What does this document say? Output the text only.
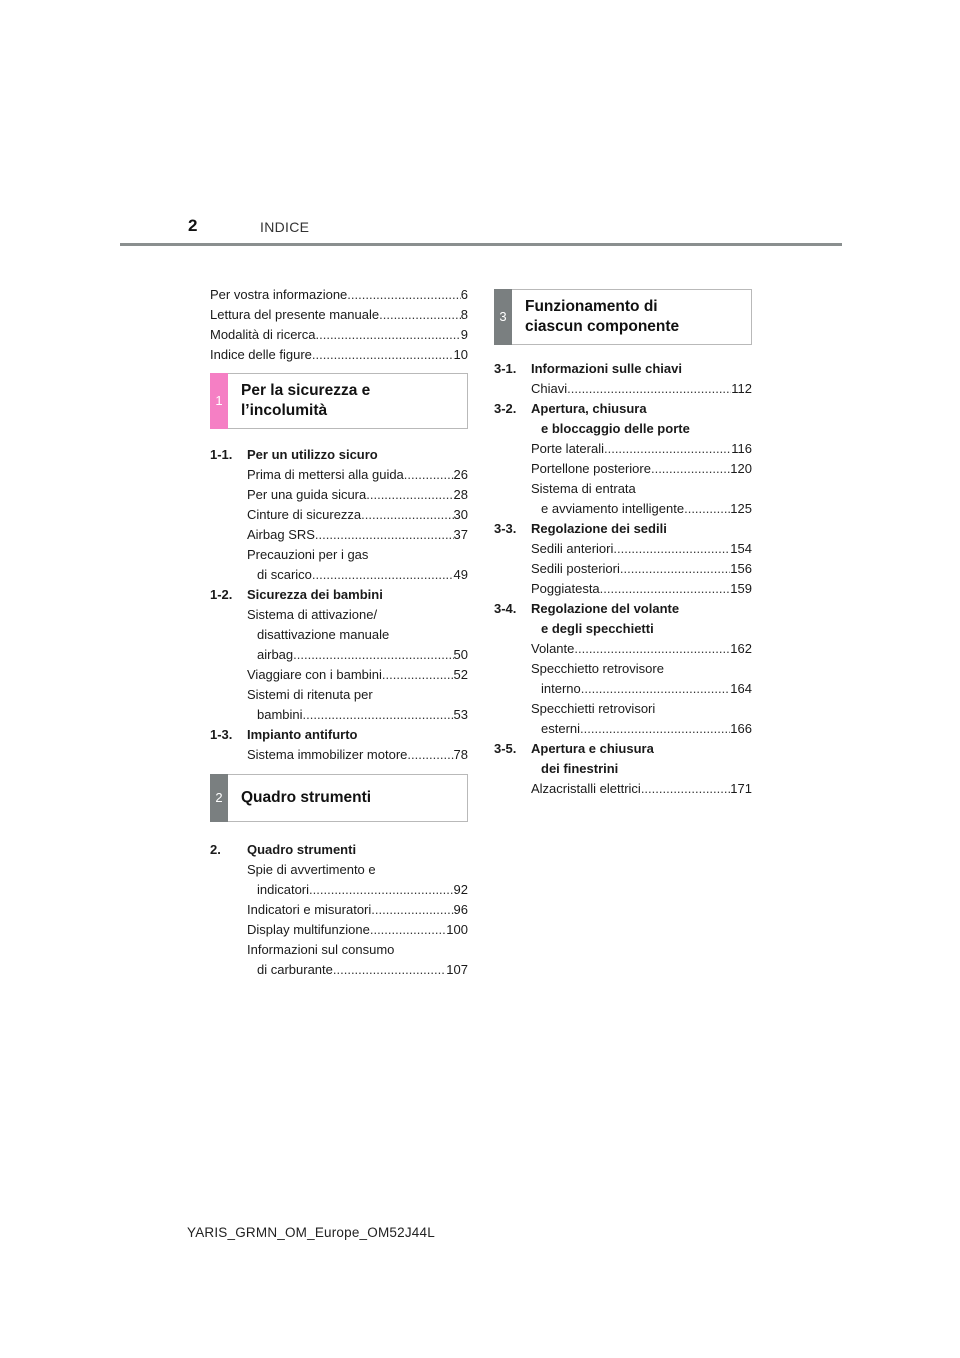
2	INDICE
Per vostra informazione .....	6
Lettura del presente manuale .....	8
Modalità di ricerca .....	9
Indice delle figure .....	10
1
Per la sicurezza e
l’incolumità
1-1.	Per un utilizzo sicuro
Prima di mettersi alla guida .....	26
Per una guida sicura .....	28
Cinture di sicurezza .....	30
Airbag SRS .....	37
Precauzioni per i gas
di scarico .....	49
1-2.	Sicurezza dei bambini
Sistema di attivazione/
disattivazione manuale
airbag .....	50
Viaggiare con i bambini .....	52
Sistemi di ritenuta per
bambini .....	53
1-3.	Impianto antifurto
Sistema immobilizer motore .....	78
2	Quadro strumenti
2.	Quadro strumenti
Spie di avvertimento e
indicatori .....	92
Indicatori e misuratori .....	96
Display multifunzione .....	100
Informazioni sul consumo
di carburante .....	107
3
Funzionamento di
ciascun componente
3-1.	Informazioni sulle chiavi
Chiavi .....	112
3-2.	Apertura, chiusura
e bloccaggio delle porte
Porte laterali .....	116
Portellone posteriore .....	120
Sistema di entrata
e avviamento intelligente .....	125
3-3.	Regolazione dei sedili
Sedili anteriori .....	154
Sedili posteriori .....	156
Poggiatesta .....	159
3-4.	Regolazione del volante
e degli specchietti
Volante .....	162
Specchietto retrovisore
interno .....	164
Specchietti retrovisori
esterni .....	166
3-5.	Apertura e chiusura
dei finestrini
Alzacristalli elettrici .....	171
YARIS_GRMN_OM_Europe_OM52J44L
